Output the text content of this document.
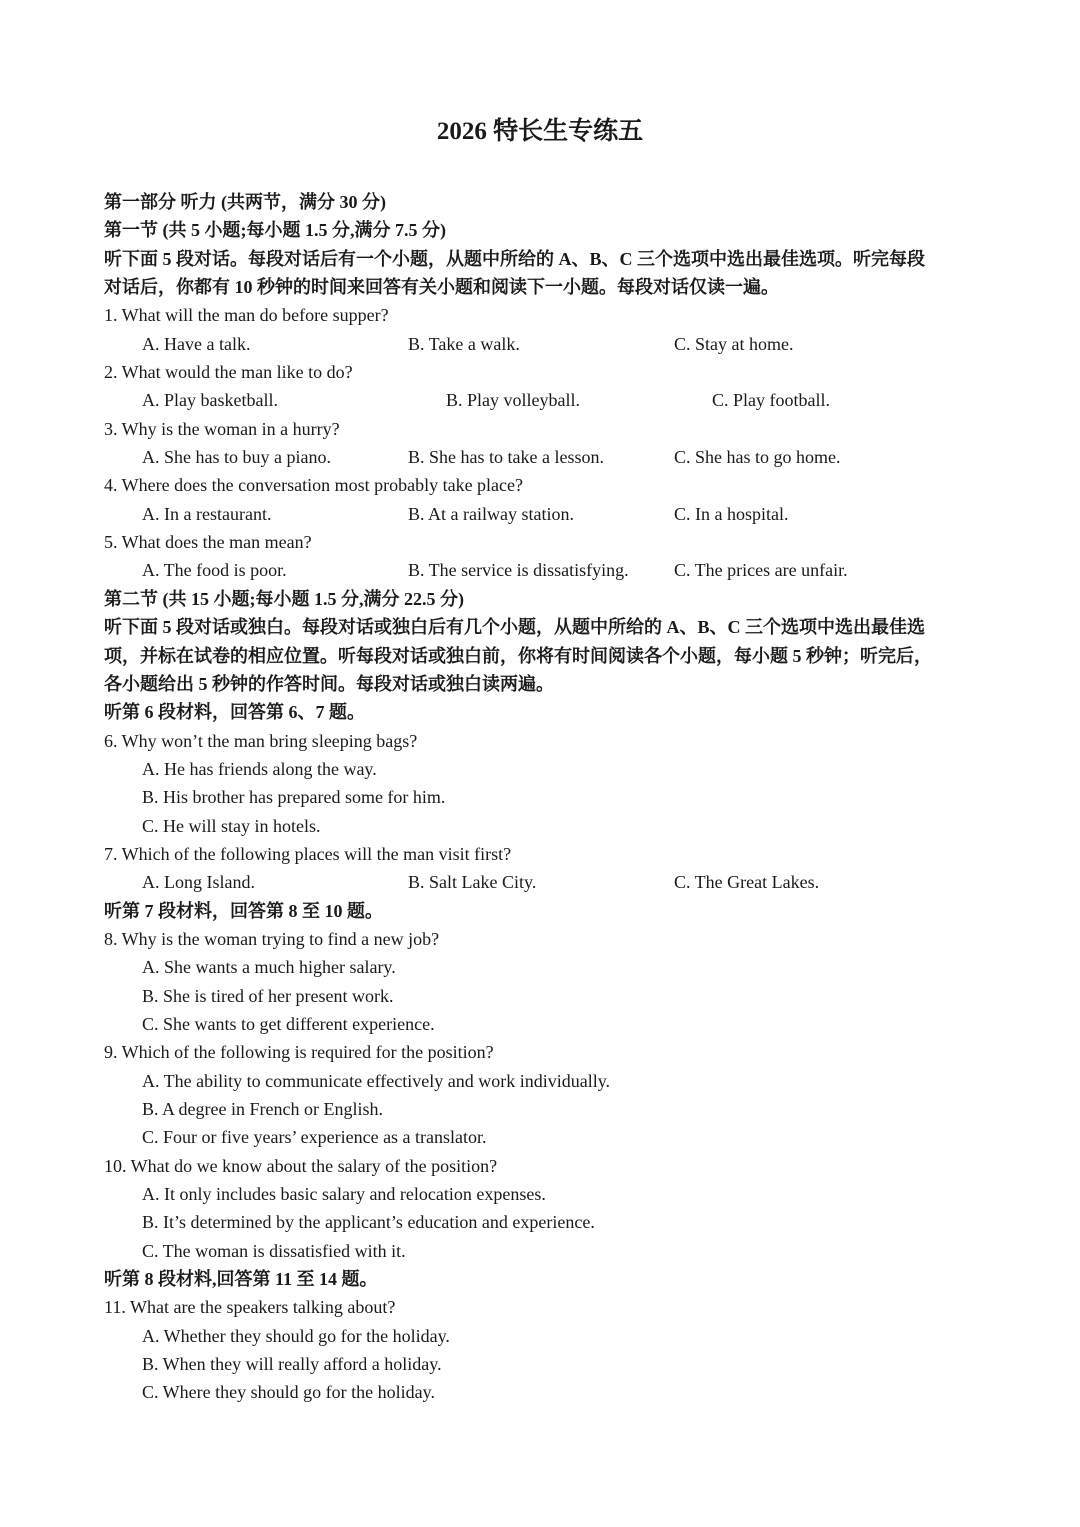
2026 特长生专练五
第一部分 听力 (共两节，满分 30 分)
第一节 (共 5 小题;每小题 1.5 分,满分 7.5 分)
听下面 5 段对话。每段对话后有一个小题，从题中所给的 A、B、C 三个选项中选出最佳选项。听完每段
对话后，你都有 10 秒钟的时间来回答有关小题和阅读下一小题。每段对话仅读一遍。
1. What will the man do before supper?
A. Have a talk.	B. Take a walk.	C. Stay at home.
2. What would the man like to do?
A. Play basketball.	B. Play volleyball.	C. Play football.
3. Why is the woman in a hurry?
A. She has to buy a piano.	B. She has to take a lesson.	C. She has to go home.
4. Where does the conversation most probably take place?
A. In a restaurant.	B. At a railway station.	C. In a hospital.
5. What does the man mean?
A. The food is poor.	B. The service is dissatisfying.	C. The prices are unfair.
第二节 (共 15 小题;每小题 1.5 分,满分 22.5 分)
听下面 5 段对话或独白。每段对话或独白后有几个小题，从题中所给的 A、B、C 三个选项中选出最佳选
项，并标在试卷的相应位置。听每段对话或独白前，你将有时间阅读各个小题，每小题 5 秒钟；听完后，
各小题给出 5 秒钟的作答时间。每段对话或独白读两遍。
听第 6 段材料，回答第 6、7 题。
6. Why won’t the man bring sleeping bags?
A. He has friends along the way.
B. His brother has prepared some for him.
C. He will stay in hotels.
7. Which of the following places will the man visit first?
A. Long Island.	B. Salt Lake City.	C. The Great Lakes.
听第 7 段材料，回答第 8 至 10 题。
8. Why is the woman trying to find a new job?
A. She wants a much higher salary.
B. She is tired of her present work.
C. She wants to get different experience.
9. Which of the following is required for the position?
A. The ability to communicate effectively and work individually.
B. A degree in French or English.
C. Four or five years’ experience as a translator.
10. What do we know about the salary of the position?
A. It only includes basic salary and relocation expenses.
B. It’s determined by the applicant’s education and experience.
C. The woman is dissatisfied with it.
听第 8 段材料,回答第 11 至 14 题。
11. What are the speakers talking about?
A. Whether they should go for the holiday.
B. When they will really afford a holiday.
C. Where they should go for the holiday.
